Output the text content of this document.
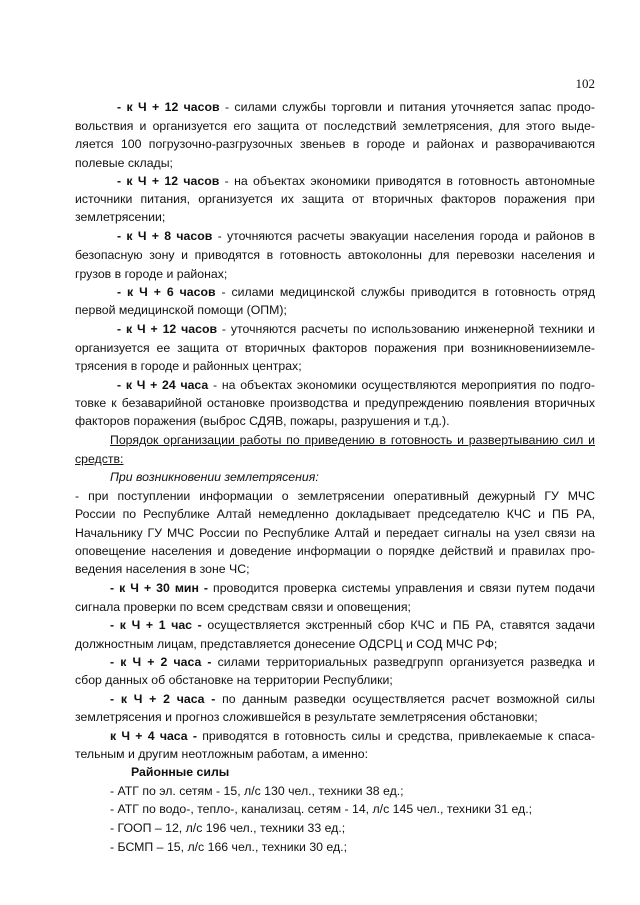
102
- к Ч + 12 часов - силами службы торговли и питания уточняется запас продо-
вольствия и организуется его защита от последствий землетрясения, для этого выде-
ляется 100 погрузочно-разгрузочных звеньев в городе и районах и разворачиваются
полевые склады;
- к Ч + 12 часов - на объектах экономики приводятся в готовность автономные
источники питания, организуется их защита от вторичных факторов поражения при
землетрясении;
- к Ч + 8 часов - уточняются расчеты эвакуации населения города и районов в
безопасную зону и приводятся в готовность автоколонны для перевозки населения и
грузов в городе и районах;
- к Ч + 6 часов - силами медицинской службы приводится в готовность отряд
первой медицинской помощи (ОПМ);
- к Ч + 12 часов - уточняются расчеты по использованию инженерной техники и
организуется ее защита от вторичных факторов поражения при возникновенииземле-
трясения в городе и районных центрах;
- к Ч + 24 часа - на объектах экономики осуществляются мероприятия по подго-
товке к безаварийной остановке производства и предупреждению появления вторичных
факторов поражения (выброс СДЯВ, пожары, разрушения и т.д.).
Порядок организации работы по приведению в готовность и развертыванию сил и
средств:
При возникновении землетрясения:
- при поступлении информации о землетрясении оперативный дежурный ГУ МЧС
России по Республике Алтай немедленно докладывает председателю КЧС и ПБ РА,
Начальнику ГУ МЧС России по Республике Алтай и передает сигналы на узел связи на
оповещение населения и доведение информации о порядке действий и правилах про-
ведения населения в зоне ЧС;
- к Ч + 30 мин - проводится проверка системы управления и связи путем подачи
сигнала проверки по всем средствам связи и оповещения;
- к Ч + 1 час - осуществляется экстренный сбор КЧС и ПБ РА, ставятся задачи
должностным лицам, представляется донесение ОДСРЦ и СОД МЧС РФ;
- к Ч + 2 часа - силами территориальных разведгрупп организуется разведка и
сбор данных об обстановке на территории Республики;
- к Ч + 2 часа - по данным разведки осуществляется расчет возможной силы
землетрясения и прогноз сложившейся в результате землетрясения обстановки;
к Ч + 4 часа - приводятся в готовность силы и средства, привлекаемые к спаса-
тельным и другим неотложным работам, а именно:
Районные силы
- АТГ по эл. сетям - 15, л/с 130 чел., техники 38 ед.;
- АТГ по водо-, тепло-, канализац. сетям - 14, л/с 145 чел., техники 31 ед.;
- ГООП – 12, л/с 196 чел., техники 33 ед.;
- БСМП – 15, л/с 166 чел., техники 30 ед.;
